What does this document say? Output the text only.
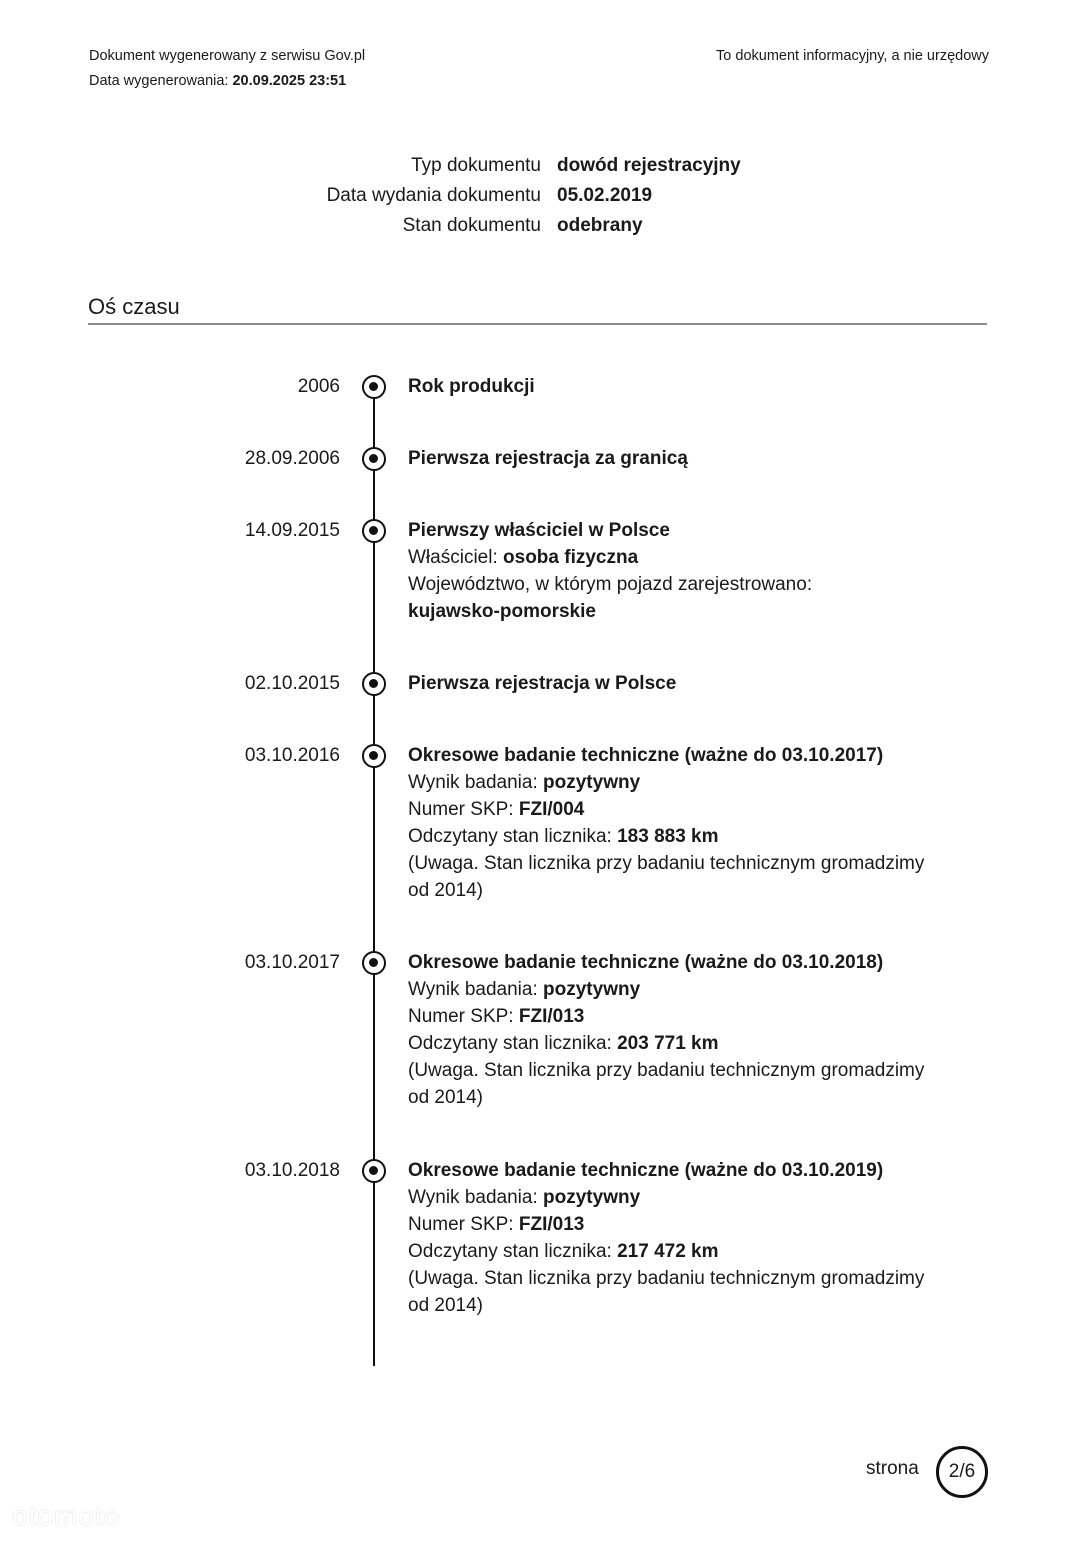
Dokument wygenerowany z serwisu Gov.pl
Data wygenerowania: 20.09.2025 23:51
To dokument informacyjny, a nie urzędowy
Typ dokumentu dowód rejestracyjny
Data wydania dokumentu 05.02.2019
Stan dokumentu odebrany
Oś czasu
2006	Rok produkcji
28.09.2006	Pierwsza rejestracja za granicą
14.09.2015	Pierwszy właściciel w Polsce
Właściciel: osoba fizyczna
Województwo, w którym pojazd zarejestrowano: kujawsko-pomorskie
02.10.2015	Pierwsza rejestracja w Polsce
03.10.2016	Okresowe badanie techniczne (ważne do 03.10.2017)
Wynik badania: pozytywny
Numer SKP: FZI/004
Odczytany stan licznika: 183 883 km
(Uwaga. Stan licznika przy badaniu technicznym gromadzimy od 2014)
03.10.2017	Okresowe badanie techniczne (ważne do 03.10.2018)
Wynik badania: pozytywny
Numer SKP: FZI/013
Odczytany stan licznika: 203 771 km
(Uwaga. Stan licznika przy badaniu technicznym gromadzimy od 2014)
03.10.2018	Okresowe badanie techniczne (ważne do 03.10.2019)
Wynik badania: pozytywny
Numer SKP: FZI/013
Odczytany stan licznika: 217 472 km
(Uwaga. Stan licznika przy badaniu technicznym gromadzimy od 2014)
strona 2/6
otomoto
